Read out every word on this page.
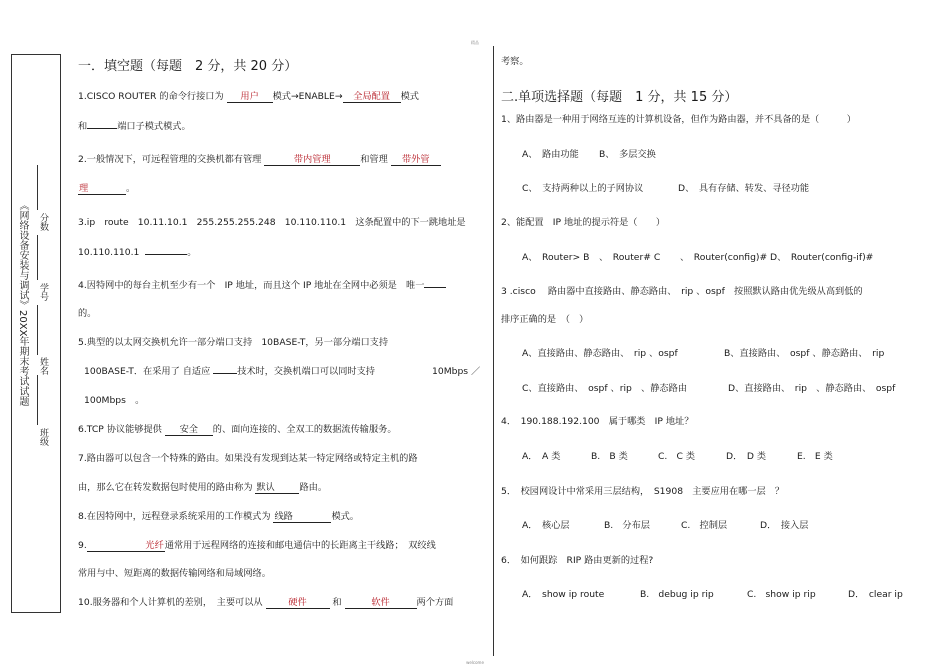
精品
welcome
《网络设备安装与调试》20XX年期末考试试题 分数
学号
姓名
班级
一．填空题（每题　2 分，共 20 分）
1.CISCO ROUTER 的命令行接口为 用户 模式→ENABLE→ 全局配置 模式
和	端口子模式模式。
2.一般情况下，可远程管理的交换机都有管理	带内管理	和管理 带外管
理	。
3.ip　route　10.11.10.1　255.255.255.248　10.110.110.1　这条配置中的下一跳地址是
10.110.110.1	。
4.因特网中的每台主机至少有一个　IP 地址，而且这个 IP 地址在全网中必须是　唯一
的。
5.典型的以太网交换机允许一部分端口支持　10BASE-T，另一部分端口支持
100BASE-T．在采用了 自适应	技术时，交换机端口可以同时支持	10Mbps ／
100Mbps　。
6.TCP 协议能够提供 安全 的、面向连接的、全双工的数据流传输服务。
7.路由器可以包含一个特殊的路由。如果没有发现到达某一特定网络或特定主机的路
由，那么它在转发数据包时使用的路由称为 默认	路由。
8.在因特网中，远程登录系统采用的工作模式为 线路	模式。
9.	光纤通常用于远程网络的连接和邮电通信中的长距离主干线路；　双绞线
常用与中、短距离的数据传输网络和局域网络。
10.服务器和个人计算机的差别，　主要可以从 硬件 和	软件	两个方面
考察。
二.单项选择题（每题　1 分，共 15 分）
1、路由器是一种用于网络互连的计算机设备，但作为路由器，并不具备的是（　　　）
A、　路由功能 B、　多层交换
C、　支持两种以上的子网协议	D、　具有存储、转发、寻径功能
2、能配置　IP 地址的提示符是（　　）
A、　Router> B 、　Router# C 、　Router(config)# D、　Router(config-if)#
3 .cisco　 路由器中直接路由、静态路由、　rip 、ospf　按照默认路由优先级从高到低的
排序正确的是　（　）
A、直接路由、静态路由、　rip 、ospf	B、直接路由、　ospf 、静态路由、　rip
C、直接路由、　ospf 、rip　、静态路由	D、直接路由、　rip　、静态路由、　ospf
4．　190.188.192.100　属于哪类　IP 地址？
A．　A 类	B.　B 类	C.　C 类	D．　D 类	E.　E 类
5．　校园网设计中常采用三层结构，　S1908　主要应用在哪一层　？
A．　核心层	B.　分布层	C.　控制层	D．　接入层
6．　如何跟踪　RIP 路由更新的过程?
A．　show ip route	B.　debug ip rip	C.　show ip rip	D．　clear ip
